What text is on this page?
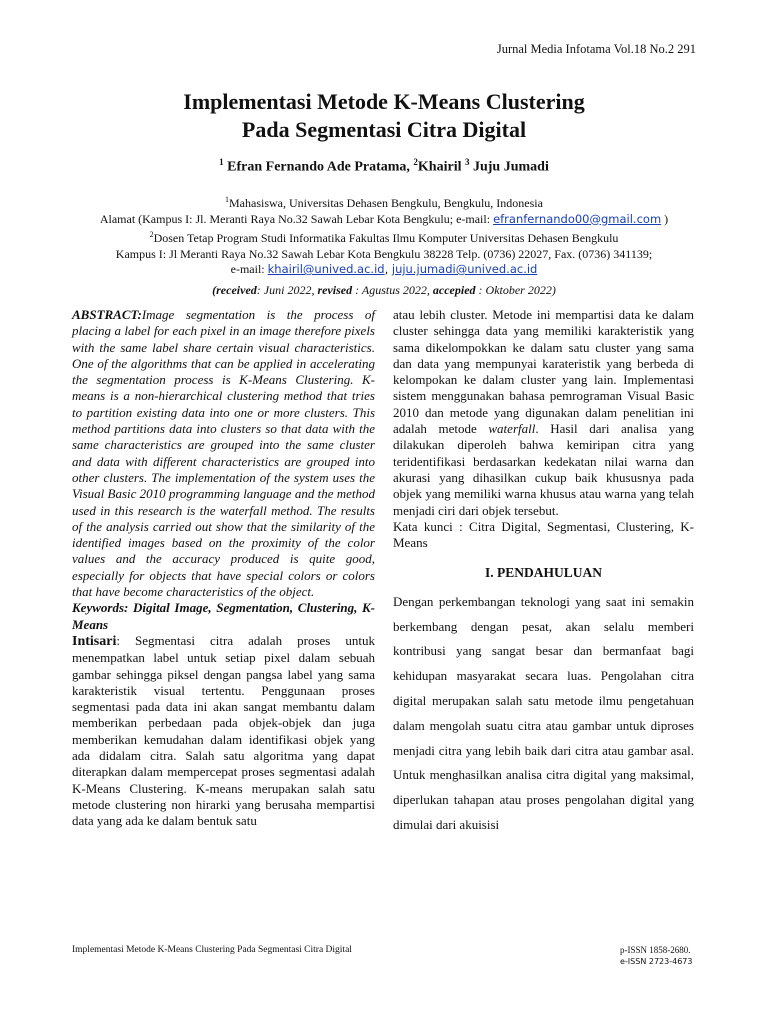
Jurnal Media Infotama Vol.18 No.2 291
Implementasi Metode K-Means Clustering
Pada Segmentasi Citra Digital
$^1$ Efran Fernando Ade Pratama, $^2$Khairil $^3$ Juju Jumadi
$^1$Mahasiswa, Universitas Dehasen Bengkulu, Bengkulu, Indonesia
Alamat (Kampus I: Jl. Meranti Raya No.32 Sawah Lebar Kota Bengkulu; e-mail: efranfernando00@gmail.com )
$^2$Dosen Tetap Program Studi Informatika Fakultas Ilmu Komputer Universitas Dehasen Bengkulu
Kampus I: Jl Meranti Raya No.32 Sawah Lebar Kota Bengkulu 38228 Telp. (0736) 22027, Fax. (0736) 341139;
e-mail: khairil@unived.ac.id, juju.jumadi@unived.ac.id
(received: Juni 2022, revised : Agustus 2022, accepied : Oktober 2022)

ABSTRACT:Image segmentation is the process of placing a label for each pixel in an image therefore pixels with the same label share certain visual characteristics. One of the algorithms that can be applied in accelerating the segmentation process is K-Means Clustering. K-means is a non-hierarchical clustering method that tries to partition existing data into one or more clusters. This method partitions data into clusters so that data with the same characteristics are grouped into the same cluster and data with different characteristics are grouped into other clusters. The implementation of the system uses the Visual Basic 2010 programming language and the method used in this research is the waterfall method. The results of the analysis carried out show that the similarity of the identified images based on the proximity of the color values and the accuracy produced is quite good, especially for objects that have special colors or colors that have become characteristics of the object.

Keywords: Digital Image, Segmentation, Clustering, K-Means

Intisari: Segmentasi citra adalah proses untuk menempatkan label untuk setiap pixel dalam sebuah gambar sehingga piksel dengan pangsa label yang sama karakteristik visual tertentu. Penggunaan proses segmentasi pada data ini akan sangat membantu dalam memberikan perbedaan pada objek-objek dan juga memberikan kemudahan dalam identifikasi objek yang ada didalam citra. Salah satu algoritma yang dapat diterapkan dalam mempercepat proses segmentasi adalah K-Means Clustering. K-means merupakan salah satu metode clustering non hirarki yang berusaha mempartisi data yang ada ke dalam bentuk satu

atau lebih cluster. Metode ini mempartisi data ke dalam cluster sehingga data yang memiliki karakteristik yang sama dikelompokkan ke dalam satu cluster yang sama dan data yang mempunyai karateristik yang berbeda di kelompokan ke dalam cluster yang lain. Implementasi sistem menggunakan bahasa pemrograman Visual Basic 2010 dan metode yang digunakan dalam penelitian ini adalah metode waterfall. Hasil dari analisa yang dilakukan diperoleh bahwa kemiripan citra yang teridentifikasi berdasarkan kedekatan nilai warna dan akurasi yang dihasilkan cukup baik khususnya pada objek yang memiliki warna khusus atau warna yang telah menjadi ciri dari objek tersebut.

Kata kunci : Citra Digital, Segmentasi, Clustering, K-Means

I. PENDAHULUAN

Dengan perkembangan teknologi yang saat ini semakin berkembang dengan pesat, akan selalu memberi kontribusi yang sangat besar dan bermanfaat bagi kehidupan masyarakat secara luas. Pengolahan citra digital merupakan salah satu metode ilmu pengetahuan dalam mengolah suatu citra atau gambar untuk diproses menjadi citra yang lebih baik dari citra atau gambar asal. Untuk menghasilkan analisa citra digital yang maksimal, diperlukan tahapan atau proses pengolahan digital yang dimulai dari akuisisi

Implementasi Metode K-Means Clustering Pada Segmentasi Citra Digital	p-ISSN 1858-2680.
e-ISSN 2723-4673
